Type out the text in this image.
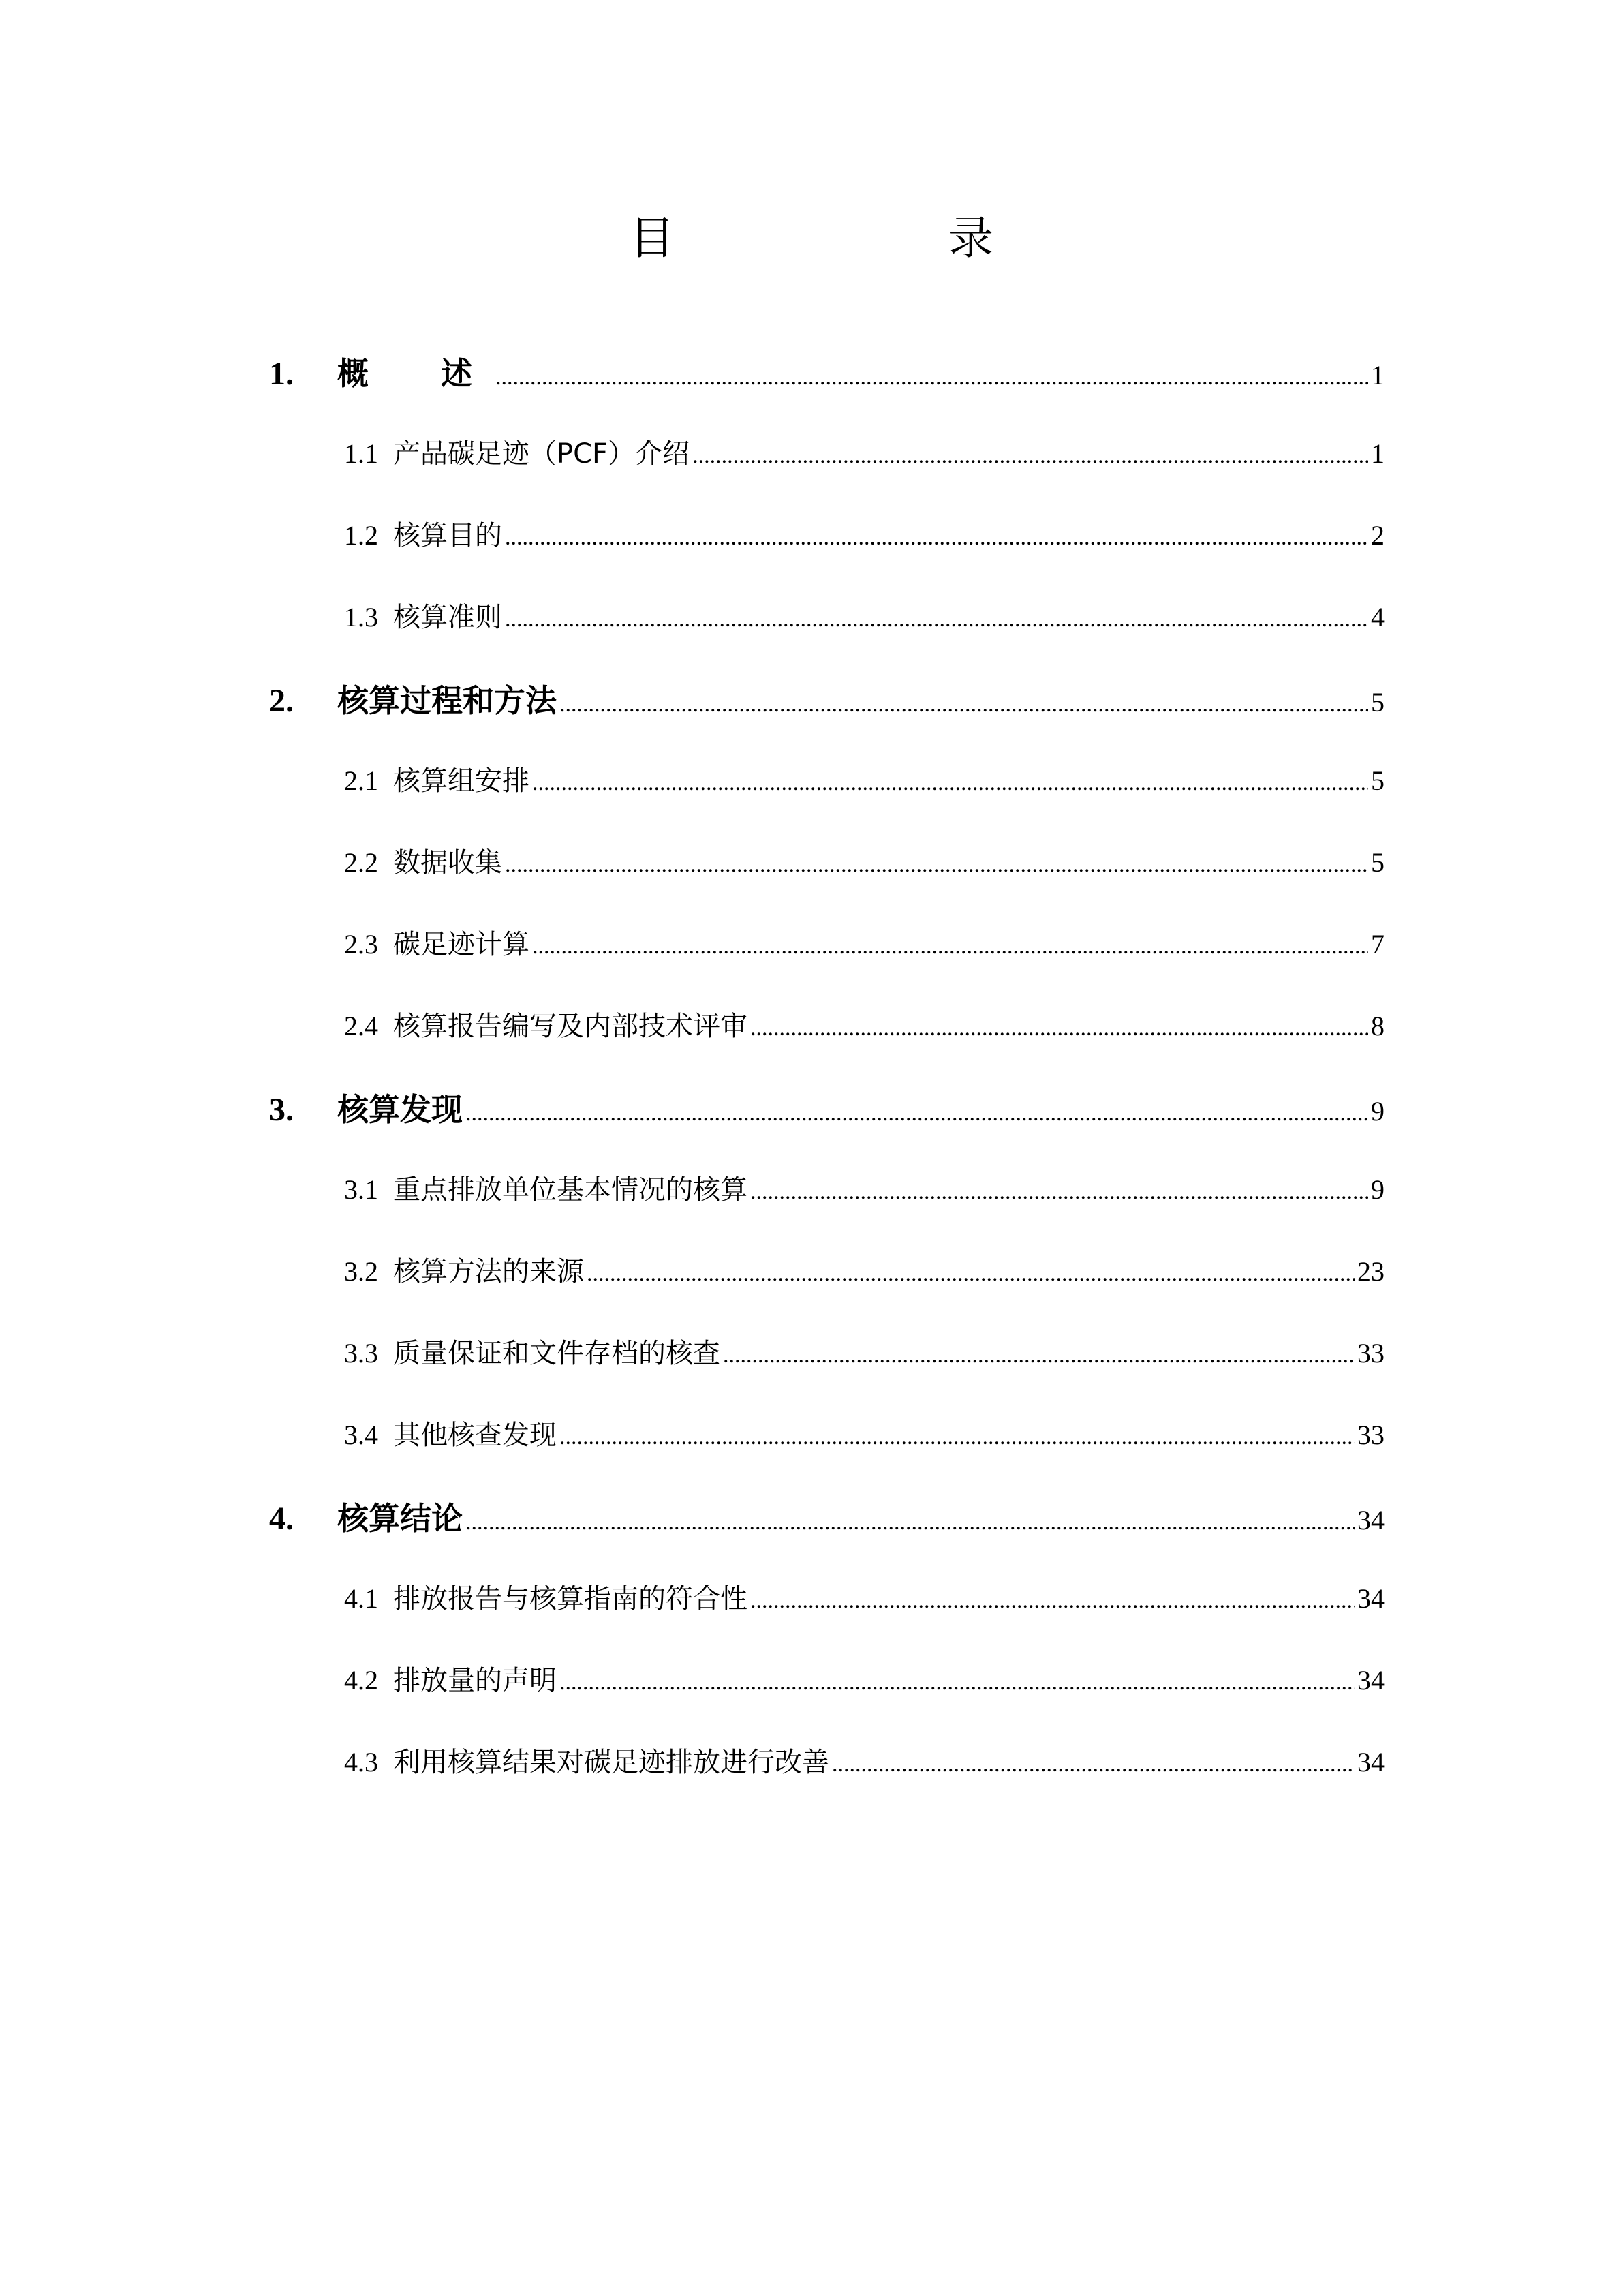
目　　录
1.	概　述 .....	1
1.1 产品碳足迹（PCF）介绍 .....	1
1.2 核算目的 .....	2
1.3 核算准则 .....	4
2.	核算过程和方法 .....	5
2.1 核算组安排 .....	5
2.2 数据收集 .....	5
2.3 碳足迹计算 .....	7
2.4 核算报告编写及内部技术评审 .....	8
3.	核算发现 .....	9
3.1 重点排放单位基本情况的核算 .....	9
3.2 核算方法的来源 .....	23
3.3 质量保证和文件存档的核查 .....	33
3.4 其他核查发现 .....	33
4.	核算结论 .....	34
4.1 排放报告与核算指南的符合性 .....	34
4.2 排放量的声明 .....	34
4.3 利用核算结果对碳足迹排放进行改善 .....	34
